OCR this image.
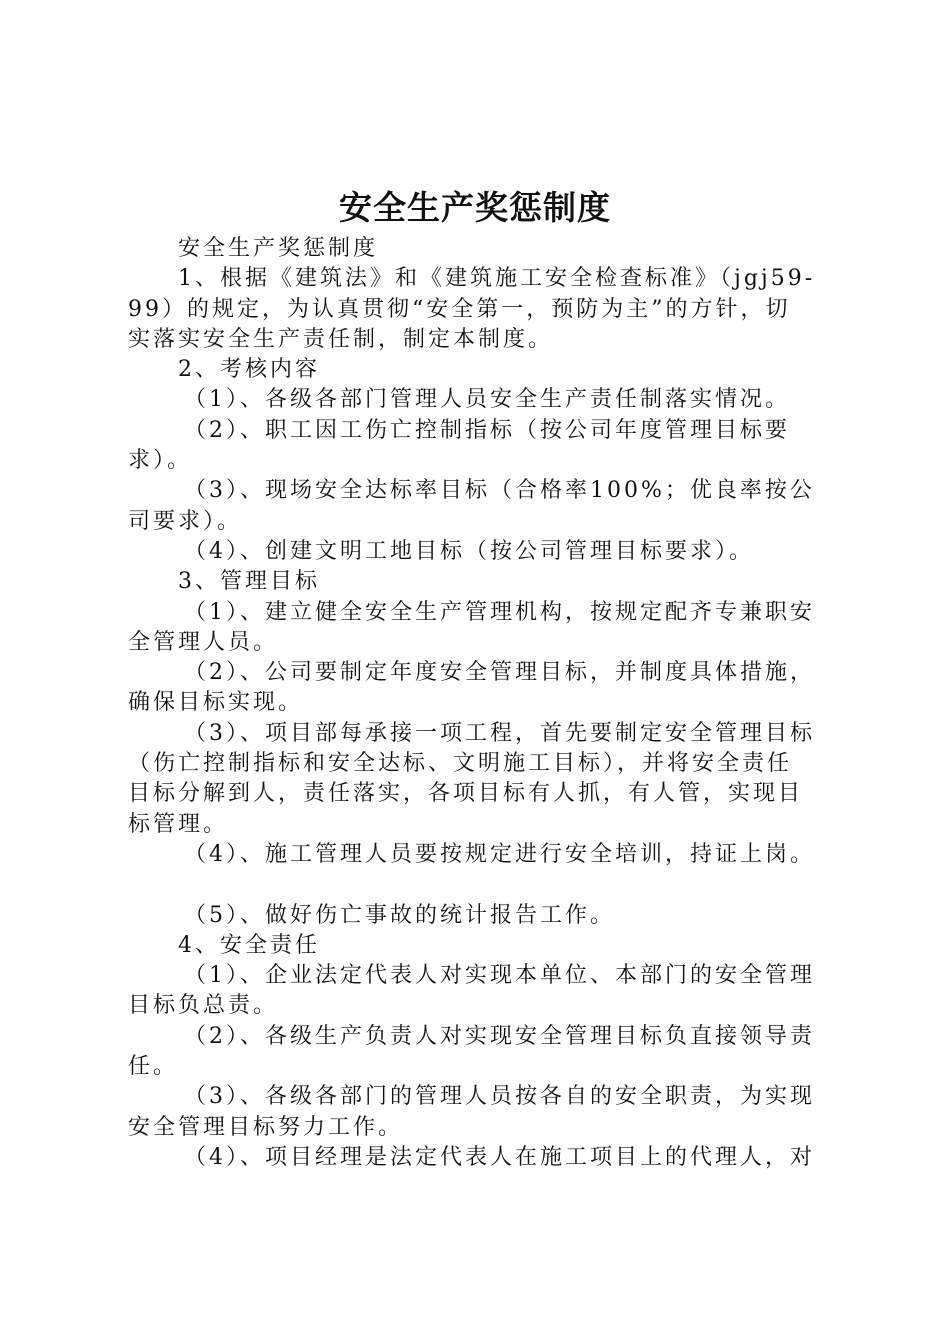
安全生产奖惩制度
安全生产奖惩制度
1、根据《建筑法》和《建筑施工安全检查标准》（jgj59-
99）的规定，为认真贯彻“安全第一，预防为主”的方针，切
实落实安全生产责任制，制定本制度。
2、考核内容
（1）、各级各部门管理人员安全生产责任制落实情况。
（2）、职工因工伤亡控制指标（按公司年度管理目标要
求）。
（3）、现场安全达标率目标（合格率100%；优良率按公
司要求）。
（4）、创建文明工地目标（按公司管理目标要求）。
3、管理目标
（1）、建立健全安全生产管理机构，按规定配齐专兼职安
全管理人员。
（2）、公司要制定年度安全管理目标，并制度具体措施，
确保目标实现。
（3）、项目部每承接一项工程，首先要制定安全管理目标
（伤亡控制指标和安全达标、文明施工目标），并将安全责任
目标分解到人，责任落实，各项目标有人抓，有人管，实现目
标管理。
（4）、施工管理人员要按规定进行安全培训，持证上岗。
（5）、做好伤亡事故的统计报告工作。
4、安全责任
（1）、企业法定代表人对实现本单位、本部门的安全管理
目标负总责。
（2）、各级生产负责人对实现安全管理目标负直接领导责
任。
（3）、各级各部门的管理人员按各自的安全职责，为实现
安全管理目标努力工作。
（4）、项目经理是法定代表人在施工项目上的代理人，对
